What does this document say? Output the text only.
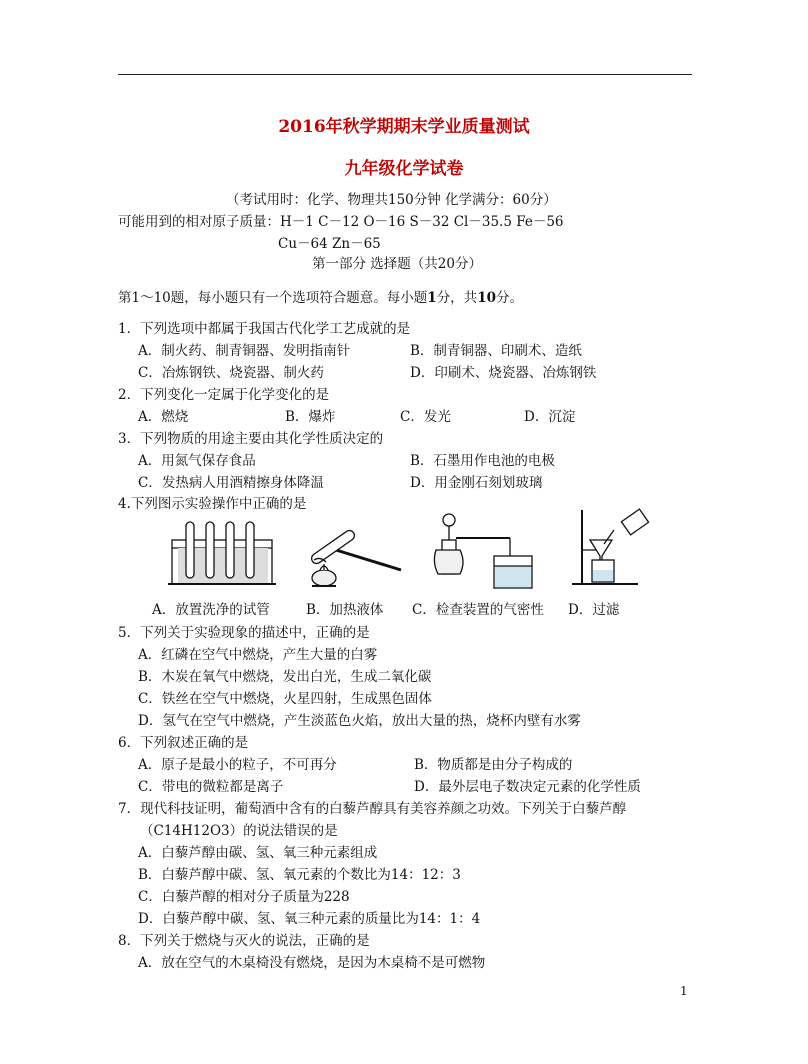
2016年秋学期期末学业质量测试
九年级化学试卷
（考试用时：化学、物理共150分钟 化学满分：60分）
可能用到的相对原子质量：H－1 C－12 O－16 S－32 Cl－35.5 Fe－56
Cu－64 Zn－65
第一部分 选择题（共20分）
第1～10题，每小题只有一个选项符合题意。每小题1分，共10分。
1．下列选项中都属于我国古代化学工艺成就的是
A．制火药、制青铜器、发明指南针	B．制青铜器、印刷术、造纸
C．冶炼钢铁、烧瓷器、制火药	D．印刷术、烧瓷器、冶炼钢铁
2．下列变化一定属于化学变化的是
A．燃烧	B．爆炸	C．发光	D．沉淀
3．下列物质的用途主要由其化学性质决定的
A．用氮气保存食品	B．石墨用作电池的电极
C．发热病人用酒精擦身体降温	D．用金刚石刻划玻璃
4.下列图示实验操作中正确的是
A．放置洗净的试管	B．加热液体 C．检查装置的气密性 D．过滤
5．下列关于实验现象的描述中，正确的是
A．红磷在空气中燃烧，产生大量的白雾
B．木炭在氧气中燃烧，发出白光，生成二氧化碳
C．铁丝在空气中燃烧，火星四射，生成黑色固体
D．氢气在空气中燃烧，产生淡蓝色火焰，放出大量的热，烧杯内壁有水雾
6．下列叙述正确的是
A．原子是最小的粒子，不可再分	B．物质都是由分子构成的
C．带电的微粒都是离子	D．最外层电子数决定元素的化学性质
7．现代科技证明，葡萄酒中含有的白藜芦醇具有美容养颜之功效。下列关于白藜芦醇
（C14H12O3）的说法错误的是
A．白藜芦醇由碳、氢、氧三种元素组成
B．白藜芦醇中碳、氢、氧元素的个数比为14：12：3
C．白藜芦醇的相对分子质量为228
D．白藜芦醇中碳、氢、氧三种元素的质量比为14：1：4
8．下列关于燃烧与灭火的说法，正确的是
A．放在空气的木桌椅没有燃烧，是因为木桌椅不是可燃物
1
